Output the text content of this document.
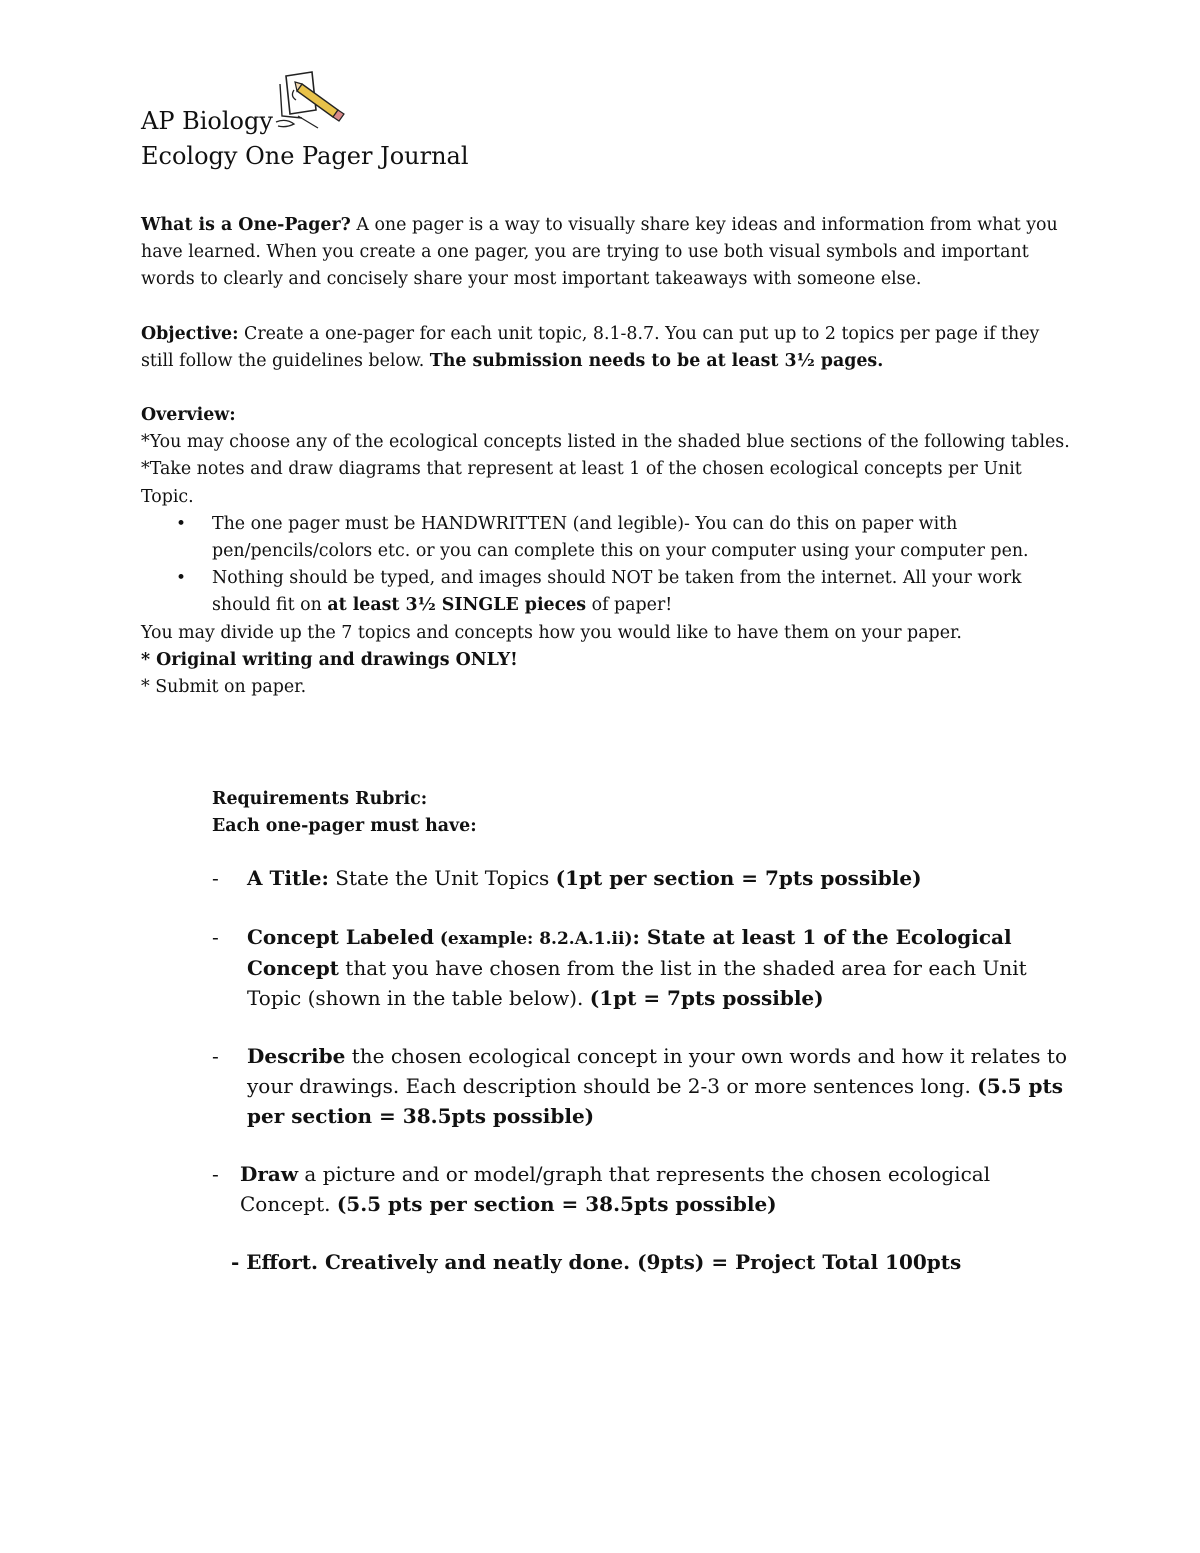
AP Biology
Ecology One Pager Journal

What is a One-Pager? A one pager is a way to visually share key ideas and information from what you have learned. When you create a one pager, you are trying to use both visual symbols and important words to clearly and concisely share your most important takeaways with someone else.

Objective: Create a one-pager for each unit topic, 8.1-8.7. You can put up to 2 topics per page if they still follow the guidelines below. The submission needs to be at least 3½ pages.

Overview:

*You may choose any of the ecological concepts listed in the shaded blue sections of the following tables.

*Take notes and draw diagrams that represent at least 1 of the chosen ecological concepts per Unit Topic.

• The one pager must be HANDWRITTEN (and legible)- You can do this on paper with pen/pencils/colors etc. or you can complete this on your computer using your computer pen.
• Nothing should be typed, and images should NOT be taken from the internet. All your work should fit on at least 3½ SINGLE pieces of paper!

You may divide up the 7 topics and concepts how you would like to have them on your paper.

* Original writing and drawings ONLY!

* Submit on paper.

Requirements Rubric:
Each one-pager must have:
- A Title: State the Unit Topics (1pt per section = 7pts possible)
- Concept Labeled (example: 8.2.A.1.ii): State at least 1 of the Ecological Concept that you have chosen from the list in the shaded area for each Unit Topic (shown in the table below). (1pt = 7pts possible)
- Describe the chosen ecological concept in your own words and how it relates to your drawings. Each description should be 2-3 or more sentences long. (5.5 pts per section = 38.5pts possible)
- Draw a picture and or model/graph that represents the chosen ecological Concept. (5.5 pts per section = 38.5pts possible)
- Effort. Creatively and neatly done. (9pts) = Project Total 100pts
